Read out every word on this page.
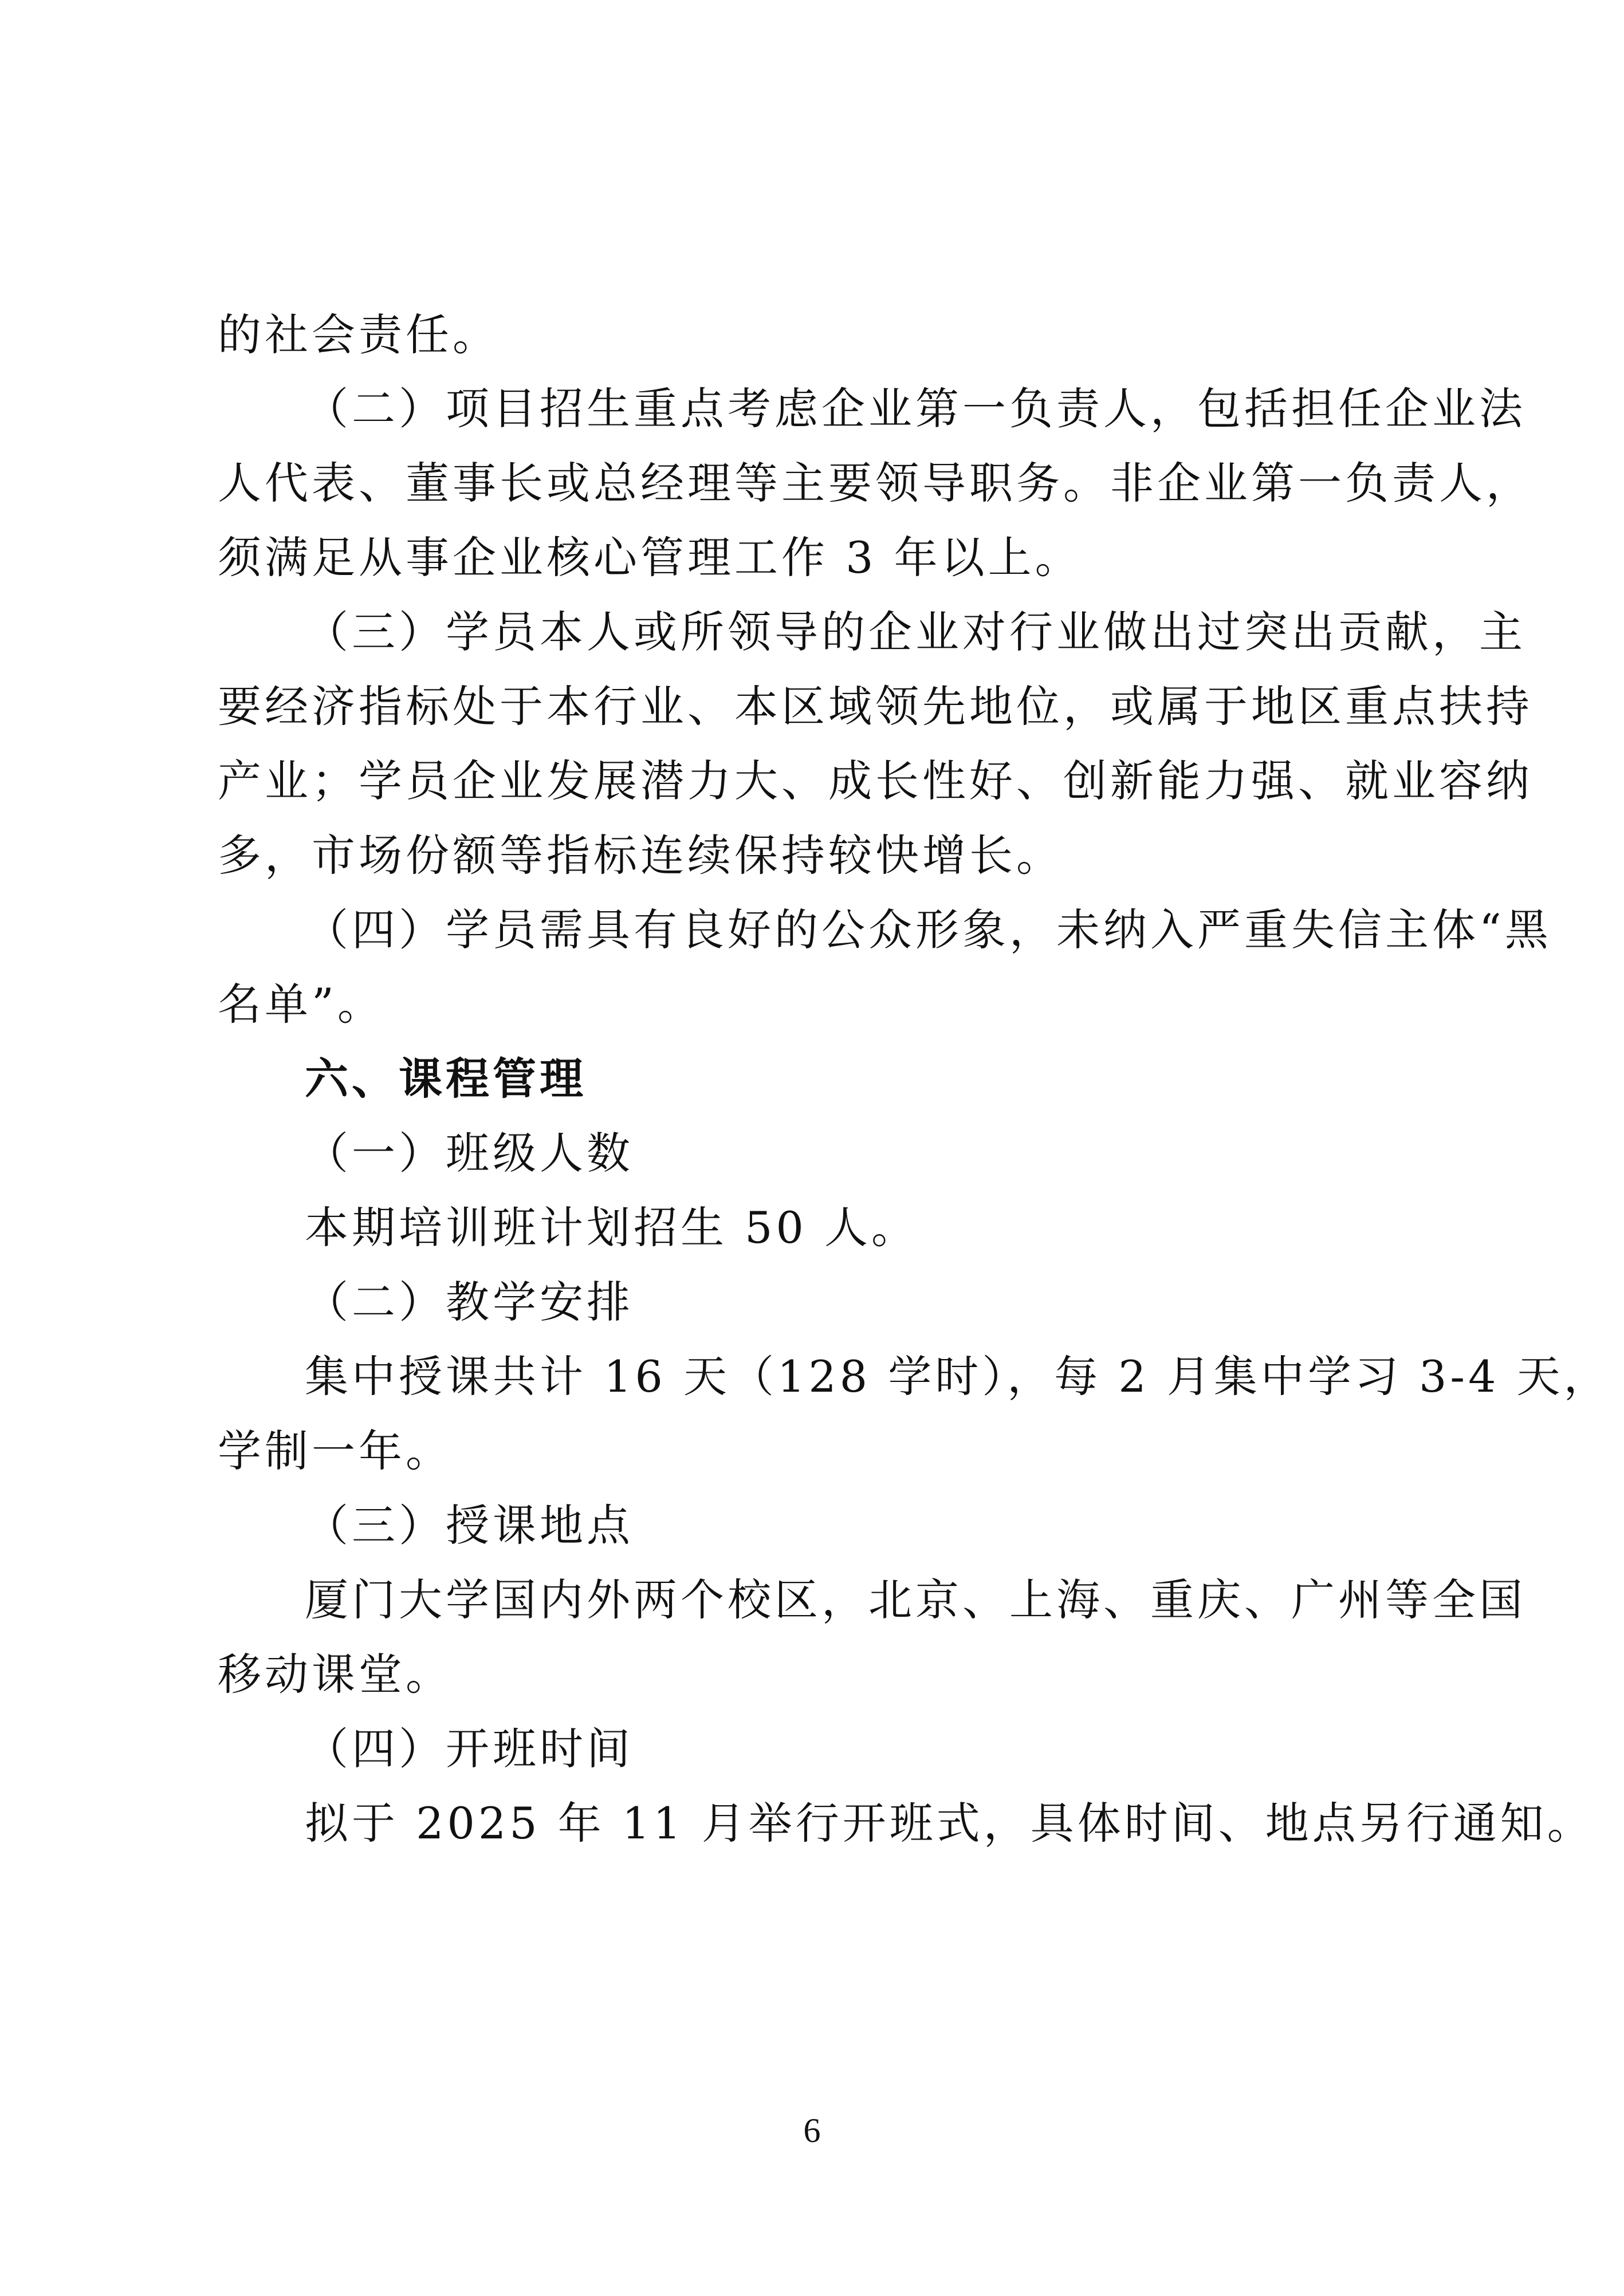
的社会责任。
（二）项目招生重点考虑企业第一负责人，包括担任企业法
人代表、董事长或总经理等主要领导职务。非企业第一负责人，
须满足从事企业核心管理工作 3 年以上。
（三）学员本人或所领导的企业对行业做出过突出贡献，主
要经济指标处于本行业、本区域领先地位，或属于地区重点扶持
产业；学员企业发展潜力大、成长性好、创新能力强、就业容纳
多，市场份额等指标连续保持较快增长。
（四）学员需具有良好的公众形象，未纳入严重失信主体“黑
名单”。
六、课程管理
（一）班级人数
本期培训班计划招生 50 人。
（二）教学安排
集中授课共计 16 天（128 学时），每 2 月集中学习 3-4 天，
学制一年。
（三）授课地点
厦门大学国内外两个校区，北京、上海、重庆、广州等全国
移动课堂。
（四）开班时间
拟于 2025 年 11 月举行开班式，具体时间、地点另行通知。
6
